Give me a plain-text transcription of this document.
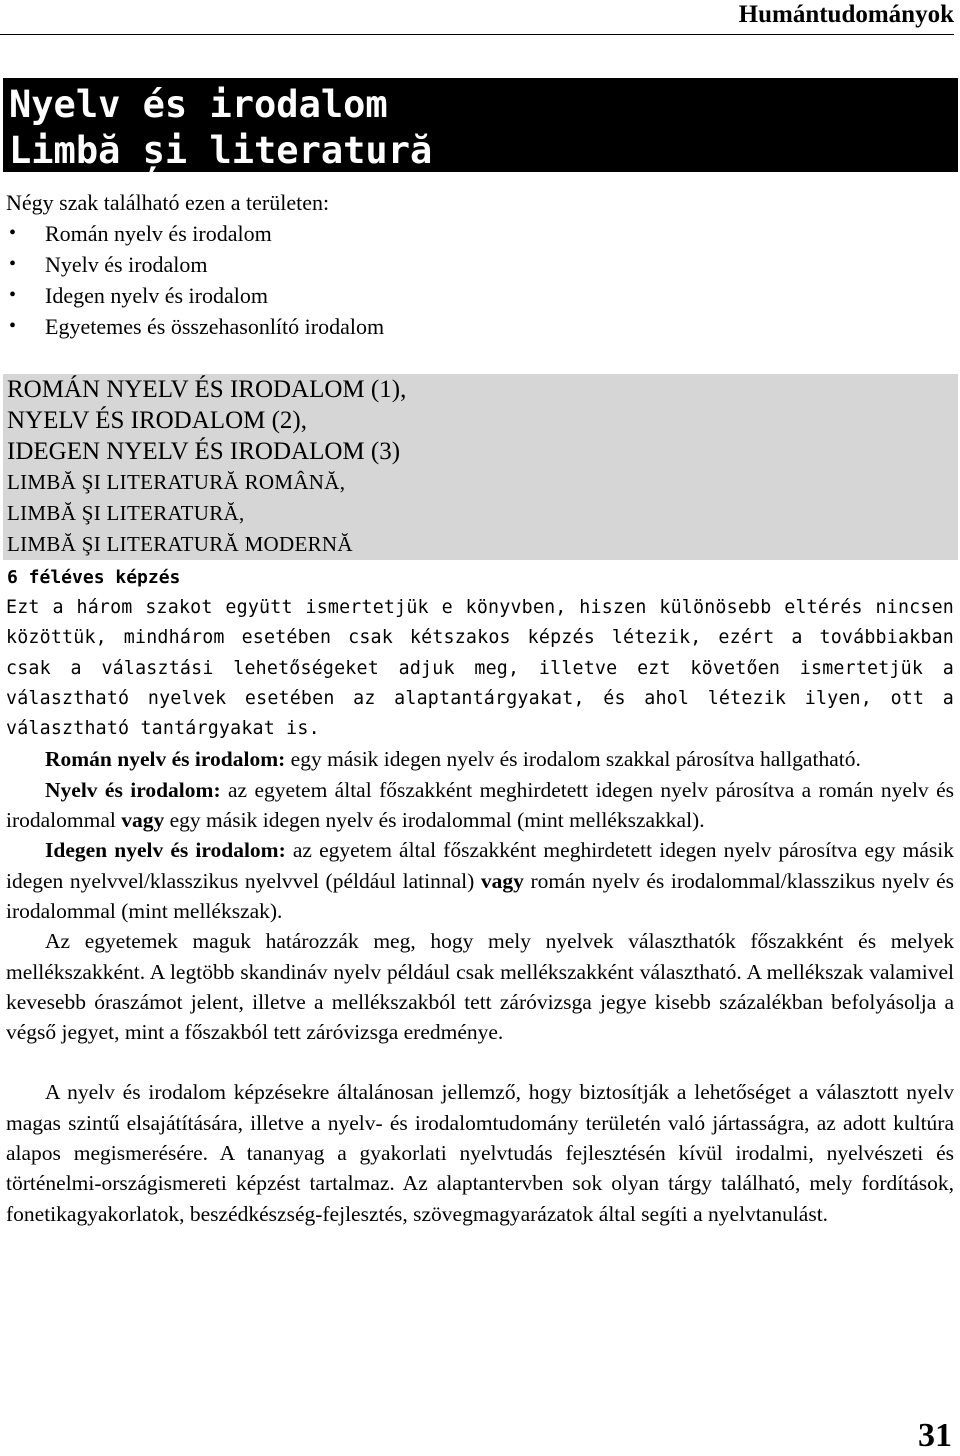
Humántudományok
Nyelv és irodalom
Limbă și literatură
Négy szak található ezen a területen:
• Román nyelv és irodalom
• Nyelv és irodalom
• Idegen nyelv és irodalom
• Egyetemes és összehasonlító irodalom
ROMÁN NYELV ÉS IRODALOM (1),
NYELV ÉS IRODALOM (2),
IDEGEN NYELV ÉS IRODALOM (3)
LIMBĂ ŞI LITERATURĂ ROMÂNĂ,
LIMBĂ ŞI LITERATURĂ,
LIMBĂ ŞI LITERATURĂ MODERNĂ
6 féléves képzés

Ezt a három szakot együtt ismertetjük e könyvben, hiszen különösebb eltérés nincsen közöttük, mindhárom esetében csak kétszakos képzés létezik, ezért a továbbiakban csak a választási lehetőségeket adjuk meg, illetve ezt követően ismertetjük a választható nyelvek esetében az alaptantárgyakat, és ahol létezik ilyen, ott a választható tantárgyakat is.

Román nyelv és irodalom: egy másik idegen nyelv és irodalom szakkal párosítva hallgatható.

Nyelv és irodalom: az egyetem által főszakként meghirdetett idegen nyelv párosítva a román nyelv és irodalommal vagy egy másik idegen nyelv és irodalommal (mint mellékszakkal).

Idegen nyelv és irodalom: az egyetem által főszakként meghirdetett idegen nyelv párosítva egy másik idegen nyelvvel/klasszikus nyelvvel (például latinnal) vagy román nyelv és irodalommal/klasszikus nyelv és irodalommal (mint mellékszak).

Az egyetemek maguk határozzák meg, hogy mely nyelvek választhatók főszakként és melyek mellékszakként. A legtöbb skandináv nyelv például csak mellékszakként választható. A mellékszak valamivel kevesebb óraszámot jelent, illetve a mellékszakból tett záróvizsga jegye kisebb százalékban befolyásolja a végső jegyet, mint a főszakból tett záróvizsga eredménye.

A nyelv és irodalom képzésekre általánosan jellemző, hogy biztosítják a lehetőséget a választott nyelv magas szintű elsajátítására, illetve a nyelv- és irodalomtudomány területén való jártasságra, az adott kultúra alapos megismerésére. A tananyag a gyakorlati nyelvtudás fejlesztésén kívül irodalmi, nyelvészeti és történelmi-országismereti képzést tartalmaz. Az alaptantervben sok olyan tárgy található, mely fordítások, fonetikagyakorlatok, beszédkészség-fejlesztés, szövegmagyarázatok által segíti a nyelvtanulást.

31
